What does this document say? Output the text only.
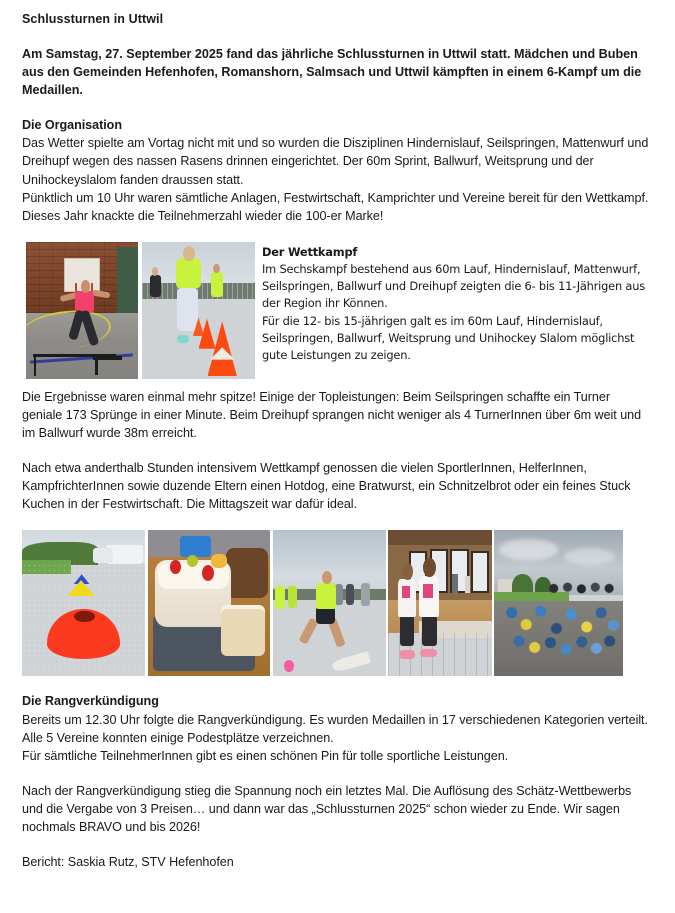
Schlussturnen in Uttwil

Am Samstag, 27. September 2025 fand das jährliche Schlussturnen in Uttwil statt. Mädchen und Buben aus den Gemeinden Hefenhofen, Romanshorn, Salmsach und Uttwil kämpften in einem 6-Kampf um die Medaillen.

Die Organisation
Das Wetter spielte am Vortag nicht mit und so wurden die Disziplinen Hindernislauf, Seilspringen, Mattenwurf und Dreihupf wegen des nassen Rasens drinnen eingerichtet. Der 60m Sprint, Ballwurf, Weitsprung und der Unihockeyslalom fanden draussen statt.
Pünktlich um 10 Uhr waren sämtliche Anlagen, Festwirtschaft, Kamprichter und Vereine bereit für den Wettkampf. Dieses Jahr knackte die Teilnehmerzahl wieder die 100-er Marke!

Der Wettkampf
Im Sechskampf bestehend aus 60m Lauf, Hindernislauf, Mattenwurf, Seilspringen, Ballwurf und Dreihupf zeigten die 6- bis 11-Jährigen aus der Region ihr Können.
Für die 12- bis 15-jährigen galt es im 60m Lauf, Hindernislauf, Seilspringen, Ballwurf, Weitsprung und Unihockey Slalom möglichst gute Leistungen zu zeigen.

Die Ergebnisse waren einmal mehr spitze! Einige der Topleistungen: Beim Seilspringen schaffte ein Turner geniale 173 Sprünge in einer Minute. Beim Dreihupf sprangen nicht weniger als 4 TurnerInnen über 6m weit und im Ballwurf wurde 38m erreicht.

Nach etwa anderthalb Stunden intensivem Wettkampf genossen die vielen SportlerInnen, HelferInnen, KampfrichterInnen sowie duzende Eltern einen Hotdog, eine Bratwurst, ein Schnitzelbrot oder ein feines Stuck Kuchen in der Festwirtschaft. Die Mittagszeit war dafür ideal.

Die Rangverkündigung
Bereits um 12.30 Uhr folgte die Rangverkündigung. Es wurden Medaillen in 17 verschiedenen Kategorien verteilt. Alle 5 Vereine konnten einige Podestplätze verzeichnen.
Für sämtliche TeilnehmerInnen gibt es einen schönen Pin für tolle sportliche Leistungen.

Nach der Rangverkündigung stieg die Spannung noch ein letztes Mal. Die Auflösung des Schätz-Wettbewerbs und die Vergabe von 3 Preisen… und dann war das „Schlussturnen 2025“ schon wieder zu Ende. Wir sagen nochmals BRAVO und bis 2026!

Bericht: Saskia Rutz, STV Hefenhofen
